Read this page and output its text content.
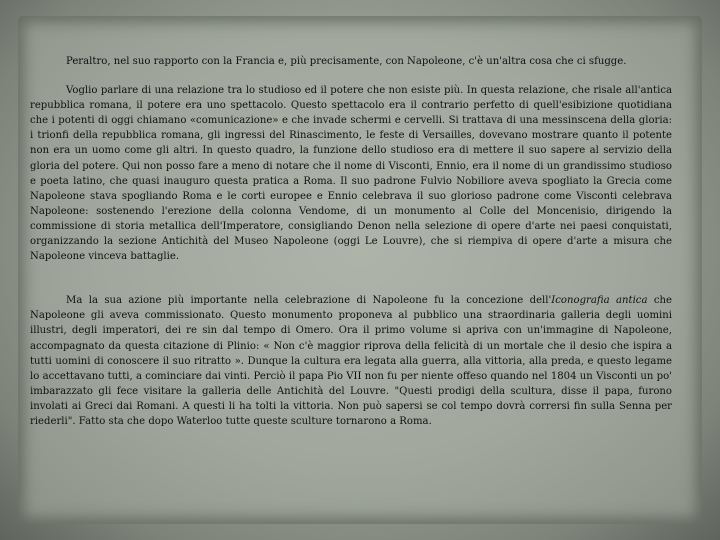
Peraltro, nel suo rapporto con la Francia e, più precisamente, con Napoleone, c'è un'altra cosa che ci sfugge.

Voglio parlare di una relazione tra lo studioso ed il potere che non esiste più. In questa relazione, che risale all'antica repubblica romana, il potere era uno spettacolo. Questo spettacolo era il contrario perfetto di quell'esibizione quotidiana che i potenti di oggi chiamano «comunicazione» e che invade schermi e cervelli. Si trattava di una messinscena della gloria: i trionfi della repubblica romana, gli ingressi del Rinascimento, le feste di Versailles, dovevano mostrare quanto il potente non era un uomo come gli altri. In questo quadro, la funzione dello studioso era di mettere il suo sapere al servizio della gloria del potere. Qui non posso fare a meno di notare che il nome di Visconti, Ennio, era il nome di un grandissimo studioso e poeta latino, che quasi inauguro questa pratica a Roma. Il suo padrone Fulvio Nobiliore aveva spogliato la Grecia come Napoleone stava spogliando Roma e le corti europee e Ennio celebrava il suo glorioso padrone come Visconti celebrava Napoleone: sostenendo l'erezione della colonna Vendome, di un monumento al Colle del Moncenisio, dirigendo la commissione di storia metallica dell'Imperatore, consigliando Denon nella selezione di opere d'arte nei paesi conquistati, organizzando la sezione Antichità del Museo Napoleone (oggi Le Louvre), che si riempiva di opere d'arte a misura che Napoleone vinceva battaglie.

Ma la sua azione più importante nella celebrazione di Napoleone fu la concezione dell'Iconografia antica che Napoleone gli aveva commissionato. Questo monumento proponeva al pubblico una straordinaria galleria degli uomini illustri, degli imperatori, dei re sin dal tempo di Omero. Ora il primo volume si apriva con un'immagine di Napoleone, accompagnato da questa citazione di Plinio: « Non c'è maggior riprova della felicità di un mortale che il desio che ispira a tutti uomini di conoscere il suo ritratto ». Dunque la cultura era legata alla guerra, alla vittoria, alla preda, e questo legame lo accettavano tutti, a cominciare dai vinti. Perciò il papa Pio VII non fu per niente offeso quando nel 1804 un Visconti un po' imbarazzato gli fece visitare la galleria delle Antichità del Louvre. "Questi prodigi della scultura, disse il papa, furono involati ai Greci dai Romani. A questi li ha tolti la vittoria. Non può sapersi se col tempo dovrà corrersi fin sulla Senna per riederli". Fatto sta che dopo Waterloo tutte queste sculture tornarono a Roma.
